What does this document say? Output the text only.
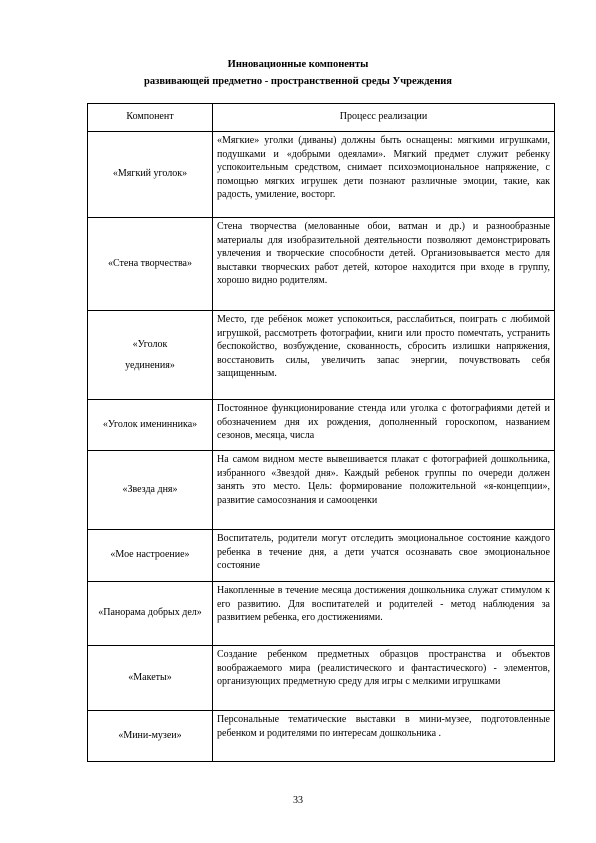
Инновационные компоненты
развивающей предметно - пространственной среды Учреждения
Компонент	Процесс реализации
«Мягкий уголок»	«Мягкие» уголки (диваны) должны быть оснащены: мягкими игрушками, подушками и «добрыми одеялами». Мягкий предмет служит ребенку успокоительным средством, снимает психоэмоциональное напряжение, с помощью мягких игрушек дети познают различные эмоции, такие, как радость, умиление, восторг.
«Стена творчества»	Стена творчества (мелованные обои, ватман и др.) и разнообразные материалы для изобразительной деятельности позволяют демонстрировать увлечения и творческие способности детей. Организовывается место для выставки творческих работ детей, которое находится при входе в группу, хорошо видно родителям.
«Уголок уединения»	Место, где ребёнок может успокоиться, расслабиться, поиграть с любимой игрушкой, рассмотреть фотографии, книги или просто помечтать, устранить беспокойство, возбуждение, скованность, сбросить излишки напряжения, восстановить силы, увеличить запас энергии, почувствовать себя защищенным.
«Уголок именинника»	Постоянное функционирование стенда или уголка с фотографиями детей и обозначением дня их рождения, дополненный гороскопом, названием сезонов, месяца, числа
«Звезда дня»	На самом видном месте вывешивается плакат с фотографией дошкольника, избранного «Звездой дня». Каждый ребенок группы по очереди должен занять это место. Цель: формирование положительной «я-концепции», развитие самосознания и самооценки
«Мое настроение»	Воспитатель, родители могут отследить эмоциональное состояние каждого ребенка в течение дня, а дети учатся осознавать свое эмоциональное состояние
«Панорама добрых дел»	Накопленные в течение месяца достижения дошкольника служат стимулом к его развитию. Для воспитателей и родителей - метод наблюдения за развитием ребенка, его достижениями.
«Макеты»	Создание ребенком предметных образцов пространства и объектов воображаемого мира (реалистического и фантастического) - элементов, организующих предметную среду для игры с мелкими игрушками
«Мини-музеи»	Персональные тематические выставки в мини-музее, подготовленные ребенком и родителями по интересам дошкольника .
33
